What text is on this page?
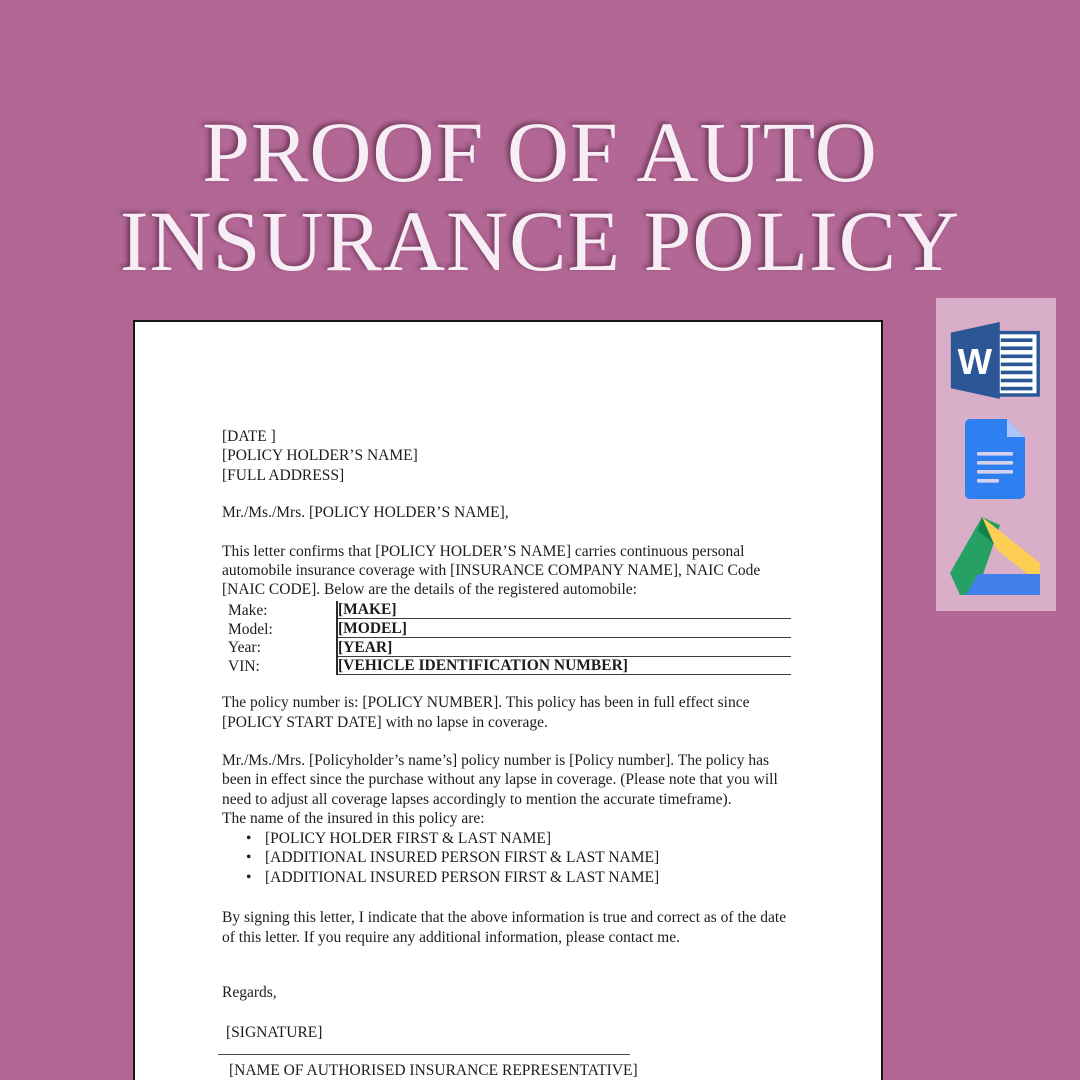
PROOF OF AUTO
INSURANCE POLICY
[DATE ]
[POLICY HOLDER’S NAME]
[FULL ADDRESS]
Mr./Ms./Mrs. [POLICY HOLDER’S NAME],
This letter confirms that [POLICY HOLDER’S NAME] carries continuous personal automobile insurance coverage with [INSURANCE COMPANY NAME], NAIC Code [NAIC CODE]. Below are the details of the registered automobile:
Make:	[MAKE]
Model:	[MODEL]
Year:	[YEAR]
VIN:	[VEHICLE IDENTIFICATION NUMBER]
The policy number is: [POLICY NUMBER]. This policy has been in full effect since [POLICY START DATE] with no lapse in coverage.
Mr./Ms./Mrs. [Policyholder’s name’s] policy number is [Policy number]. The policy has been in effect since the purchase without any lapse in coverage. (Please note that you will need to adjust all coverage lapses accordingly to mention the accurate timeframe).
The name of the insured in this policy are:
• [POLICY HOLDER FIRST & LAST NAME]
• [ADDITIONAL INSURED PERSON FIRST & LAST NAME]
• [ADDITIONAL INSURED PERSON FIRST & LAST NAME]
By signing this letter, I indicate that the above information is true and correct as of the date of this letter. If you require any additional information, please contact me.
Regards,
[SIGNATURE]
[NAME OF AUTHORISED INSURANCE REPRESENTATIVE]
W
